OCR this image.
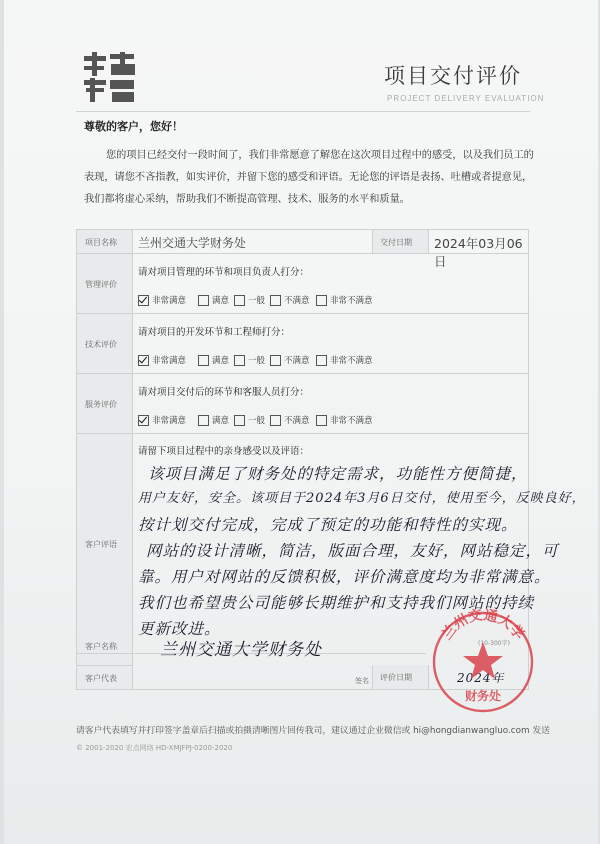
项目交付评价
PROJECT DELIVERY EVALUATION
尊敬的客户，您好！
您的项目已经交付一段时间了，我们非常愿意了解您在这次项目过程中的感受，以及我们员工的
表现，请您不吝指教，如实评价，并留下您的感受和评语。无论您的评语是表扬、吐槽或者提意见，
我们都将虚心采纳，帮助我们不断提高管理、技术、服务的水平和质量。
项目名称 兰州交通大学财务处	交付日期 2024年03月06日
管理评价
请对项目管理的环节和项目负责人打分：
非常满意	满意 一般 不满意 非常不满意
技术评价
请对项目的开发环节和工程师打分：
非常满意	满意 一般 不满意 非常不满意
服务评价
请对项目交付后的环节和客服人员打分：
非常满意	满意 一般 不满意 非常不满意
客户评语
请留下项目过程中的亲身感受以及评语：
(10-300字)
该项目满足了财务处的特定需求，功能性方便简捷，
用户友好，安全。该项目于2024年3月6日交付，使用至今，反映良好，
按计划交付完成，完成了预定的功能和特性的实现。
网站的设计清晰，简洁，版面合理，友好，网站稳定，可
靠。用户对网站的反馈积极，评价满意度均为非常满意。
我们也希望贵公司能够长期维护和支持我们网站的持续
更新改进。
客户名称	兰州交通大学财务处
客户代表	签名 评价日期	2024年
兰州交通大学
财务处
请客户代表填写并打印签字盖章后扫描或拍摄清晰图片回传我司，建议通过企业微信或 hi@hongdianwangluo.com 发送
© 2001-2020 宏点网络 HD-XMJFPJ-0200-2020
